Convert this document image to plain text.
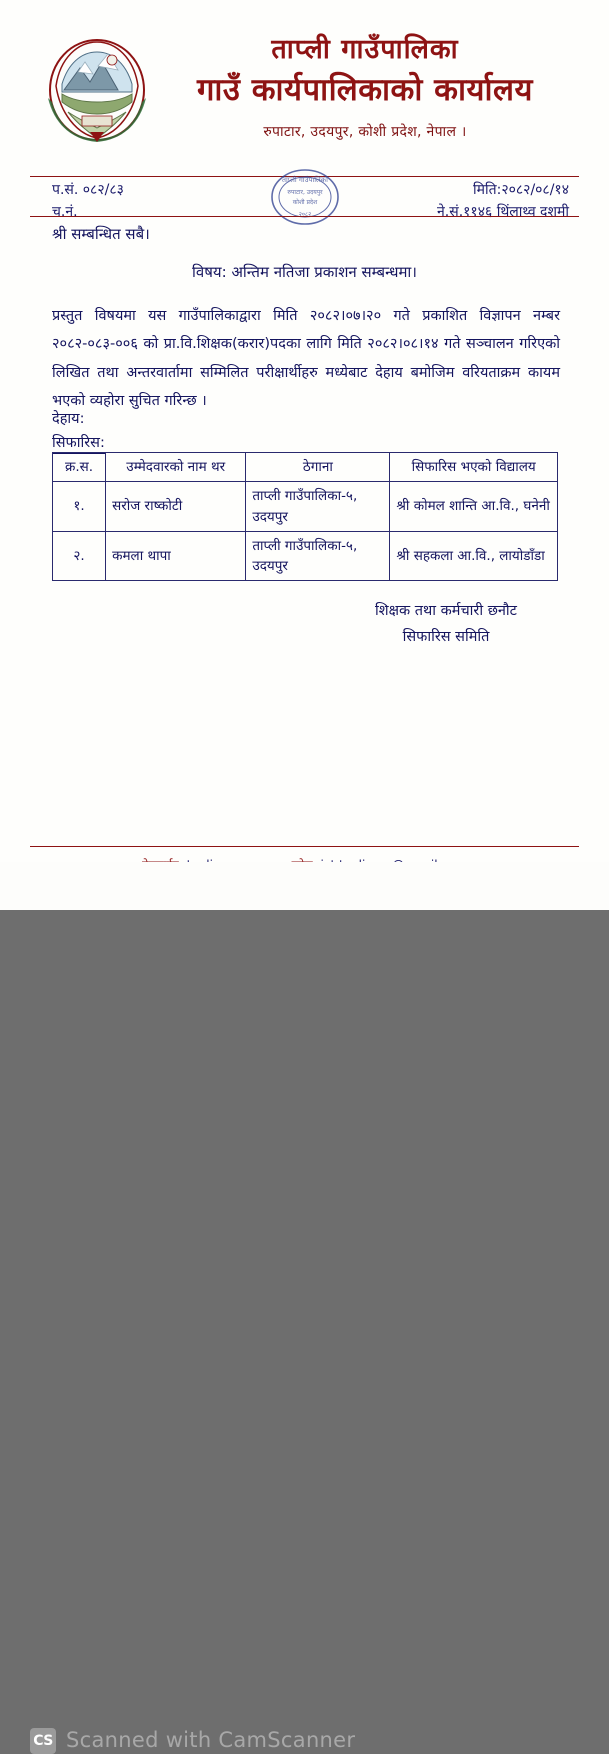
ताप्ली गाउँपालिका
गाउँ कार्यपालिकाको कार्यालय
रुपाटार, उदयपुर, कोशी प्रदेश, नेपाल ।
प.सं. ०८२/८३
च.नं.
मिति:२०८२/०८/१४
ने.सं.११४६ थिंलाथ्व दशमी
ताप्ली गाउँपालिका
रुपाटार, उदयपुर
कोशी प्रदेश
२०८२
श्री सम्बन्धित सबै।
विषय: अन्तिम नतिजा प्रकाशन सम्बन्धमा।
प्रस्तुत विषयमा यस गाउँपालिकाद्वारा मिति २०८२।०७।२० गते प्रकाशित विज्ञापन नम्बर २०८२-०८३-००६ को प्रा.वि.शिक्षक(करार)पदका लागि मिति २०८२।०८।१४ गते सञ्चालन गरिएको लिखित तथा अन्तरवार्तामा सम्मिलित परीक्षार्थीहरु मध्येबाट देहाय बमोजिम वरियताक्रम कायम भएको व्यहोरा सुचित गरिन्छ ।
देहाय:
सिफारिस:
क्र.स.	उम्मेदवारको नाम थर	ठेगाना	सिफारिस भएको विद्यालय
१.	सरोज राष्कोटी	ताप्ली गाउँपालिका-५, उदयपुर	श्री कोमल शान्ति आ.वि., घनेनी
२.	कमला थापा	ताप्ली गाउँपालिका-५, उदयपुर	श्री सहकला आ.वि., लायोडाँडा
शिक्षक तथा कर्मचारी छनौट
सिफारिस समिति
CS Scanned with CamScanner
